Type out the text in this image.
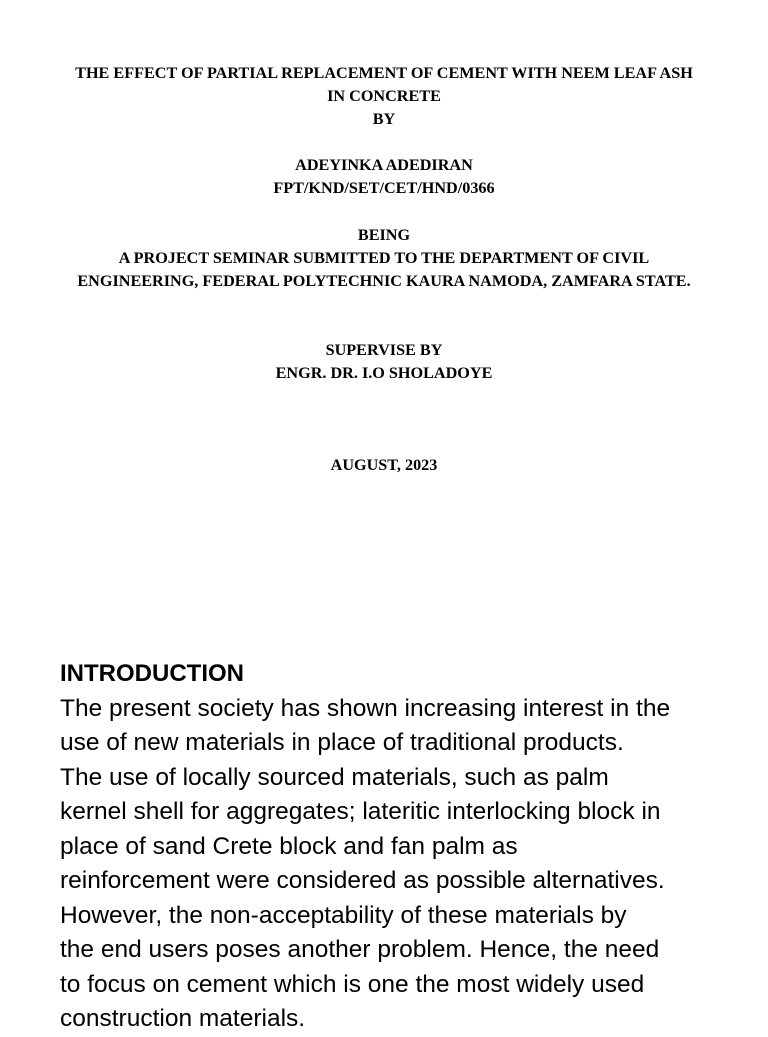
THE EFFECT OF PARTIAL REPLACEMENT OF CEMENT WITH NEEM LEAF ASH

IN CONCRETE

BY

ADEYINKA ADEDIRAN

FPT/KND/SET/CET/HND/0366

BEING

A PROJECT SEMINAR SUBMITTED TO THE DEPARTMENT OF CIVIL

ENGINEERING, FEDERAL POLYTECHNIC KAURA NAMODA, ZAMFARA STATE.

SUPERVISE BY

ENGR. DR. I.O SHOLADOYE

AUGUST, 2023

INTRODUCTION

The present society has shown increasing interest in the

use of new materials in place of traditional products.

The use of locally sourced materials, such as palm

kernel shell for aggregates; lateritic interlocking block in

place of sand Crete block and fan palm as

reinforcement were considered as possible alternatives.

However, the non-acceptability of these materials by

the end users poses another problem. Hence, the need

to focus on cement which is one the most widely used

construction materials.
